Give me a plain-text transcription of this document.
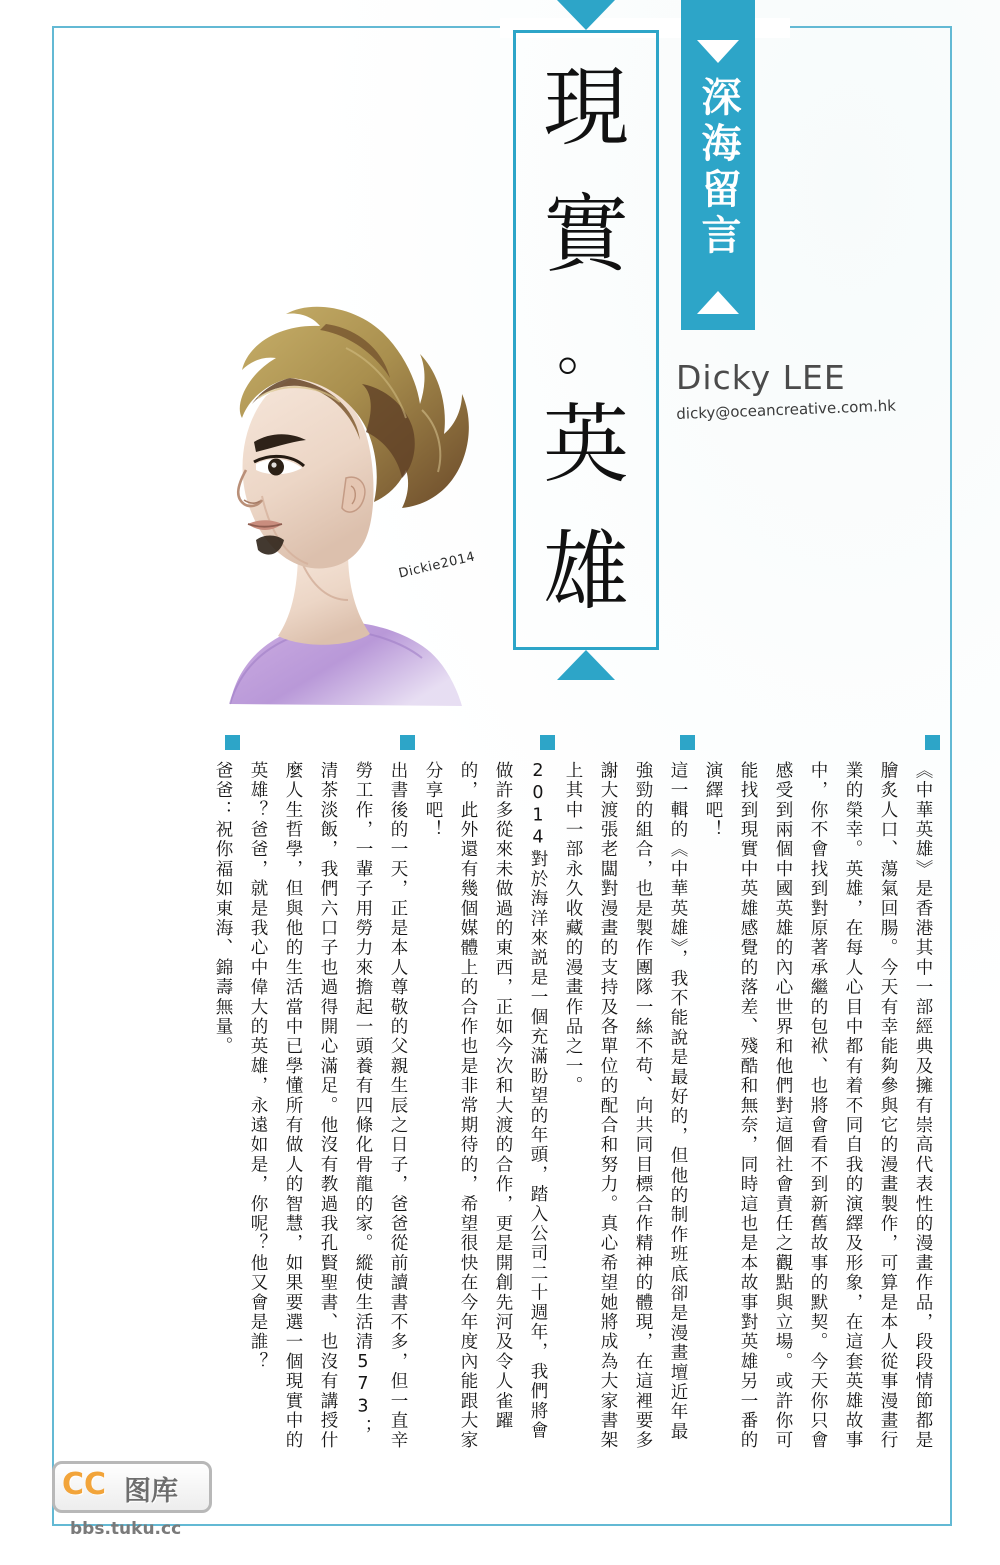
深海留言
現
實
。
英
雄
Dicky LEE
dicky@oceancreative.com.hk
Dickie2014
《中華英雄》是香港其中一部經典及擁有崇高代表性的漫畫作品，段段情節都是膾炙人口、蕩氣回腸。今天有幸能夠參與它的漫畫製作，可算是本人從事漫畫行業的榮幸。英雄，在每人心目中都有着不同自我的演繹及形象，在這套英雄故事中，你不會找到對原著承繼的包袱、也將會看不到新舊故事的默契。今天你只會感受到兩個中國英雄的內心世界和他們對這個社會責任之觀點與立場。或許你可能找到現實中英雄感覺的落差、殘酷和無奈，同時這也是本故事對英雄另一番的演繹吧！
這一輯的《中華英雄》，我不能說是最好的，但他的制作班底卻是漫畫壇近年最強勁的組合，也是製作團隊一絲不苟、向共同目標合作精神的體現，在這裡要多謝大渡張老闆對漫畫的支持及各單位的配合和努力。真心希望她將成為大家書架上其中一部永久收藏的漫畫作品之一。
2014對於海洋來説是一個充滿盼望的年頭，踏入公司二十週年，我們將會做許多從來未做過的東西，正如今次和大渡的合作，更是開創先河及令人雀躍的，此外還有幾個媒體上的合作也是非常期待的，希望很快在今年度內能跟大家分享吧！
出書後的一天，正是本人尊敬的父親生辰之日子，爸爸從前讀書不多，但一直辛勞工作，一輩子用勞力來擔起一頭養有四條化骨龍的家。縱使生活清573；清茶淡飯，我們六口子也過得開心滿足。他沒有教過我孔賢聖書、也沒有講授什麼人生哲學，但與他的生活當中已學懂所有做人的智慧，如果要選一個現實中的英雄？爸爸，就是我心中偉大的英雄，永遠如是，你呢？他又會是誰？
爸爸：祝你福如東海、錦壽無量。
CC 图库
bbs.tuku.cc
